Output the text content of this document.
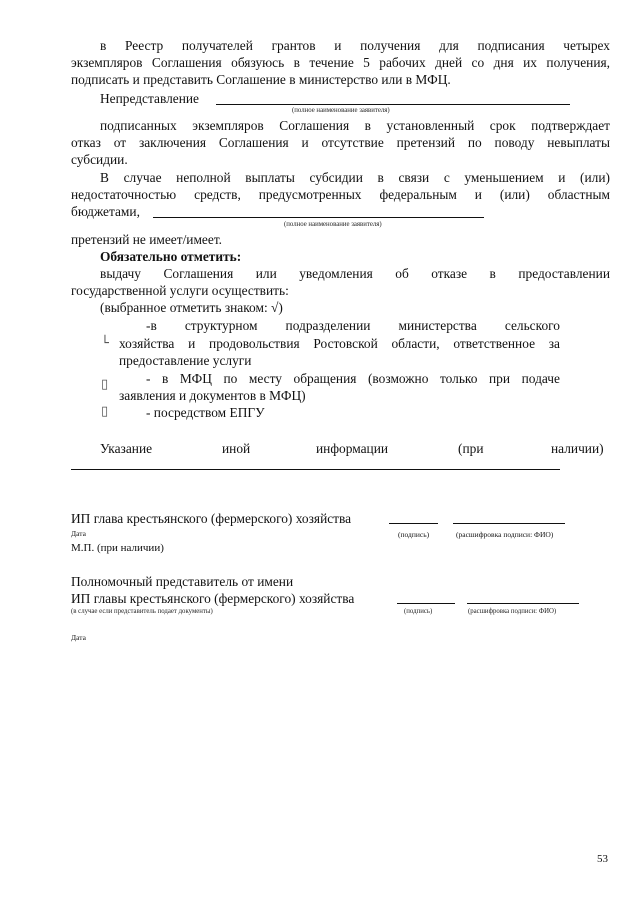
в Реестр получателей грантов и получения для подписания четырех
экземпляров Соглашения обязуюсь в течение 5 рабочих дней со дня их получения,
подписать и представить Соглашение в министерство или в МФЦ.
Непредставление
(полное наименование заявителя)
подписанных экземпляров Соглашения в установленный срок подтверждает
отказ от заключения Соглашения и отсутствие претензий по поводу невыплаты
субсидии.
В случае неполной выплаты субсидии в связи с уменьшением и (или)
недостаточностью средств, предусмотренных федеральным и (или) областным
бюджетами,
(полное наименование заявителя)
претензий не имеет/имеет.
Обязательно отметить:
выдачу Соглашения или уведомления об отказе в предоставлении
государственной услуги осуществить:
(выбранное отметить знаком: √)
-в структурном подразделении министерства сельского
└ хозяйства и продовольствия Ростовской области, ответственное за
предоставление услуги
- в МФЦ по месту обращения (возможно только при подаче
▯
заявления и документов в МФЦ)
▯	- посредством ЕПГУ
Указание	иной	информации	(при	наличии)
ИП глава крестьянского (фермерского) хозяйства
Дата	(подпись)	(расшифровка подписи: ФИО)
М.П. (при наличии)
Полномочный представитель от имени
ИП главы крестьянского (фермерского) хозяйства
(в случае если представитель подает документы)	(подпись)	(расшифровка подписи: ФИО)
Дата
53
